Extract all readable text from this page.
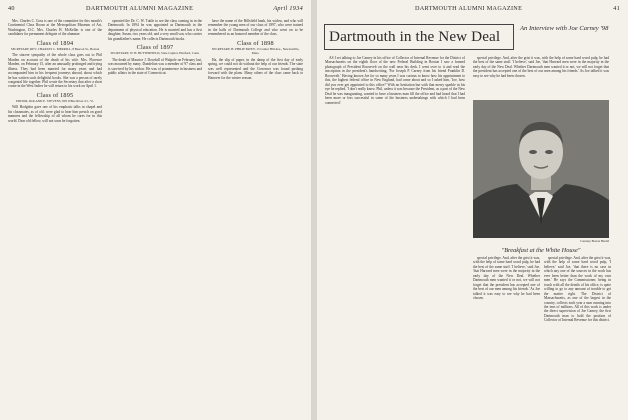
40	DARTMOUTH ALUMNI MAGAZINE	April 1934

Mrs. Charles C. Goss is one of the committee for this month's Continental Class Room at the Metropolitan Museum of Art, Washington, D.C. Mrs. Charles H. McKellar is one of the candidates for permanent delegate of the alumnae.

Class of 1894

SECRETARY, REV. CHARLES C. MERRILL, 8 Beacon St., Boston

The sincere sympathy of the whole class goes out to Phil Marden on account of the death of his wife. Mrs. Florence Marden, on February 15, after an unusually prolonged and trying illness. They had been married for many years and had accompanied him in his frequent journeys abroad, about which he has written such delightful books. She was a person of rarely congenial life together. Phil wrote the Secretary that after a short cruise in the West Indies he will return to his work on April 1.

Class of 1895

EDITOR, ROLAND E. STEVENS, 805 White River Jct., Vt.

Will Hodgdon gave one of his emphatic talks in chapel and his classmates, as of old, were glad to hear him preach on good manners and the fellowship of all whom he cares for in this world. Dear old fellow, will not soon be forgotten.

operated the Dr. C. W. Tuttle to see the class coming in in the Dartmouth. In 1894 he was appointed as Dartmouth in the department of physical education. He is married and has a first daughter, Susan, two years old, and a very small son, who carries his grandfather's name. He collects Dartmouth books.

Class of 1897

SECRETARY, W. H. BUTTERFIELD, State Capitol, Hartford, Conn.

The death of Maurice J. Dowdall of Walpole on February last, was mourned by many. Dandelion was a member of 97 class and is survived by his widow. He was of prominence in business and public affairs in the state of Connecticut.

have the name of the Billsfield bank, his widow, and who will remember the young men of our class of 1897, who were trained in the halls of Dartmouth College and who went on to be remembered as an honored member of the class.

Class of 1898

SECRETARY, H. PHILIP PATEY, 15 Center Hill Ave., Newtonville, Mass.

Ha, the slip of paper, in the damp of the first day of early spring, we could not do without the help of our friends. The state was well represented and the Governor was found pushing forward with the plans. Many others of the class came back to Hanover for the winter season.

DARTMOUTH ALUMNI MAGAZINE	41
Dartmouth in the New Deal	An Interview with Joe Carney '98

AS I set talking to Joe Carney in his office of Collector of Internal Revenue for the District of Massachusetts on the eighth floor of the new Federal Building in Boston I saw a framed photograph of President Roosevelt on the wall near his desk. I went over to it and read the inscription in the president's handwriting, 'For Joseph P. Carney from his friend Franklin D. Roosevelt.' Having known Joe for so many years I was curious to know how his appointment to this, the highest federal office in New England, had come about and so I asked him, 'Joe, how did you ever get appointed to this office?' With no hesitation but with that merry sparkle in his eye he replied, 'I don't really know. Phil, unless it was because the President, as a part of the New Deal he was inaugurating, wanted to have a business man fill the office and had heard that I had been more or less successful in some of the business undertakings with which I had been connected.'

special privilege. And, after the grist it was, with the help of some hard wood pulp, he had the best of the same stuff. 'I believe,' said Joe, 'that Harvard men were in the majority in the early day of the New Deal. Whether Dartmouth men wanted it or not, we will not forget that the president has accepted one of the best of our men among his friends.' As Joe talked it was easy to see why he had been chosen.

Courtesy Boston Herald
"Breakfast at the White House"

special privilege. And, after the grist it was, with the help of some hard wood pulp, he had the best of the same stuff. 'I believe,' said Joe, 'that Harvard men were in the majority in the early day of the New Deal. Whether Dartmouth men wanted it or not, we will not forget that the president has accepted one of the best of our men among his friends.' As Joe talked it was easy to see why he had been chosen.

special privilege. And, after the grist it was, with the help of some hard wood pulp, 'I believe,' said Joe, 'that there is no case in which any one of the sources in the work has ever been better than the work of my own men.' He says the Commissioner, being in touch with all the details of his office, is quite willing to go to any amount of trouble to get the matter right. The District of Massachusetts, as one of the largest in the country, collects each year a sum running into the tens of millions. All of this work is under the direct supervision of Joe Carney, the first Dartmouth man to hold the position of Collector of Internal Revenue for this district.
